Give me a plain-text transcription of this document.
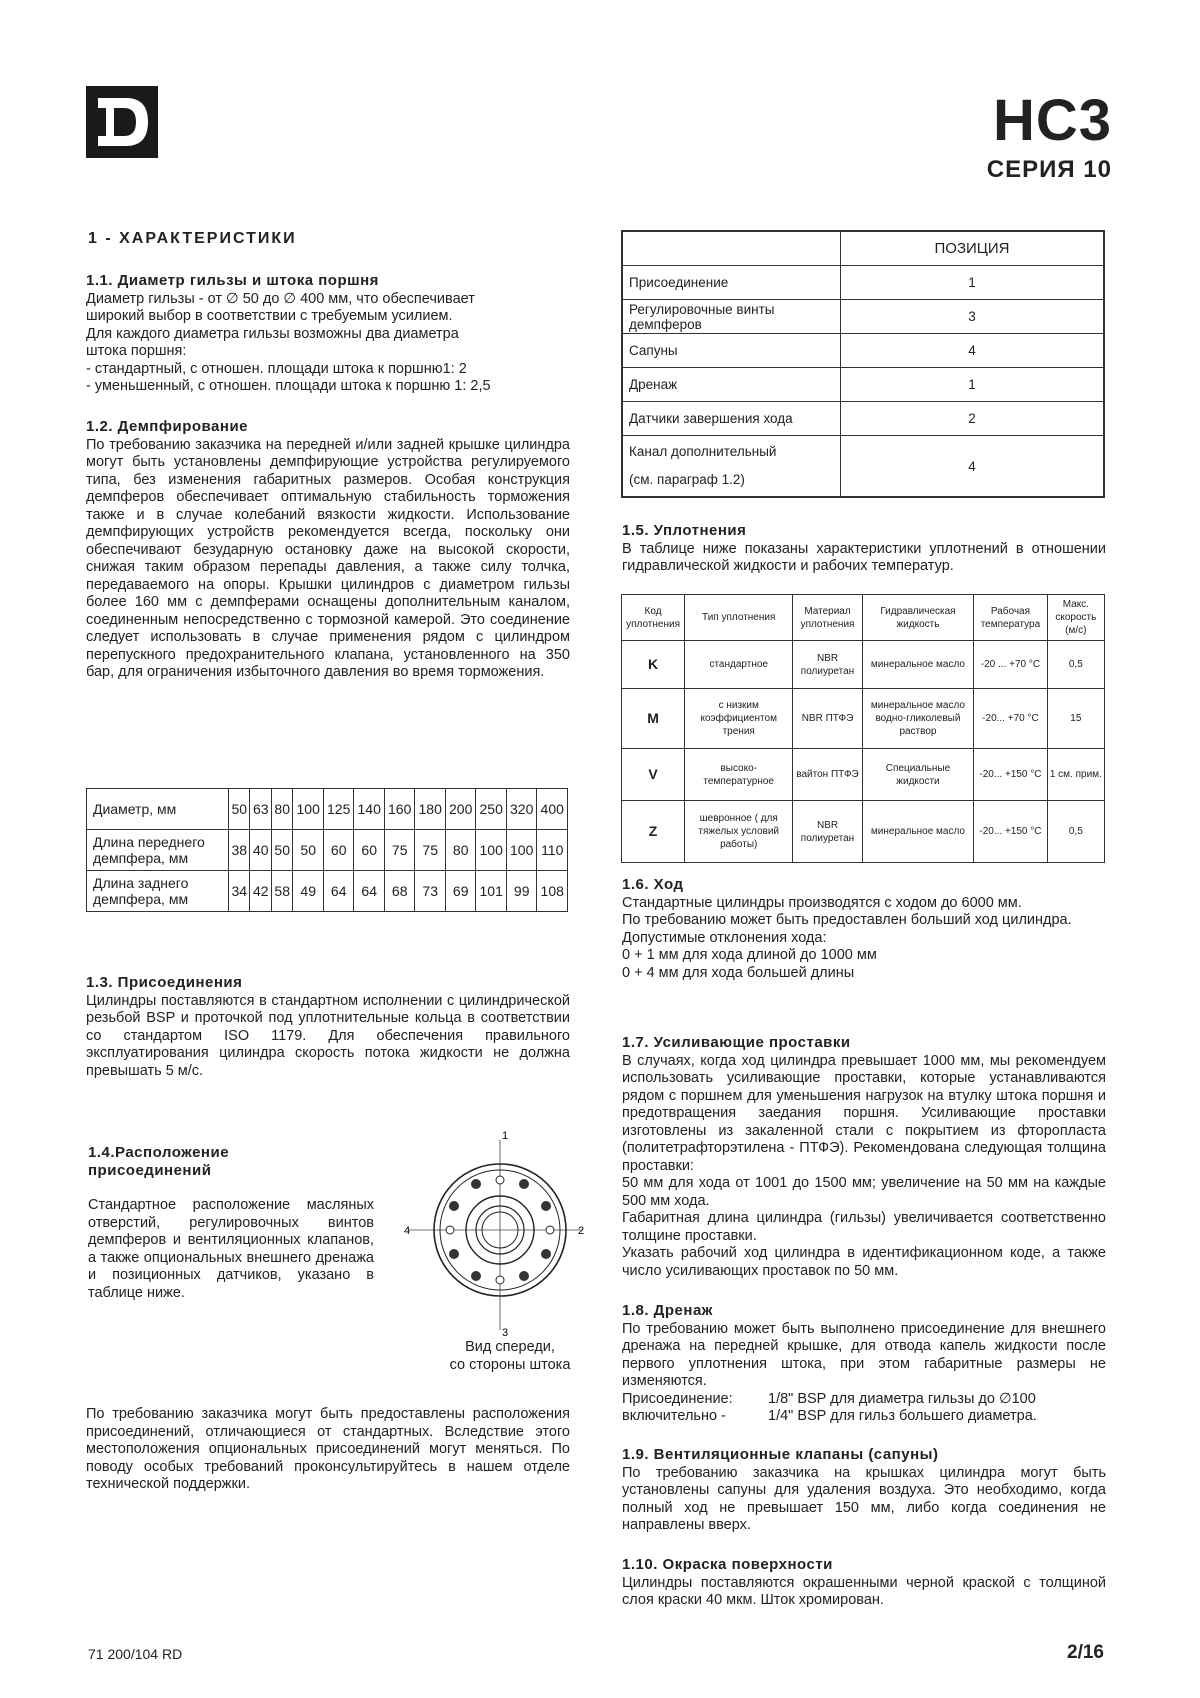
HC3
СЕРИЯ 10
1 - ХАРАКТЕРИСТИКИ
1.1. Диаметр гильзы и штока поршня

Диаметр гильзы - от ∅ 50 до ∅ 400 мм, что обеспечивает

широкий выбор в соответствии с требуемым усилием.

Для каждого диаметра гильзы возможны два диаметра

штока поршня:

- стандартный, с отношен. площади штока к поршню1: 2

- уменьшенный, с отношен. площади штока к поршню 1: 2,5

1.2. Демпфирование

По требованию заказчика на передней и/или задней крышке цилиндра могут быть установлены демпфирующие устройства регулируемого типа, без изменения габаритных размеров. Особая конструкция демпферов обеспечивает оптимальную стабильность торможения также и в случае колебаний вязкости жидкости. Использование демпфирующих устройств рекомендуется всегда, поскольку они обеспечивают безударную остановку даже на высокой скорости, снижая таким образом перепады давления, а также силу толчка, передаваемого на опоры. Крышки цилиндров с диаметром гильзы более 160 мм с демпферами оснащены дополнительным каналом, соединенным непосредственно с тормозной камерой. Это соединение следует использовать в случае применения рядом с цилиндром перепускного предохранительного клапана, установленного на 350 бар, для ограничения избыточного давления во время торможения.

Диаметр, мм	50	63	80	100	125	140	160	180	200	250	320	400
Длина переднего демпфера, мм	38	40	50	50	60	60	75	75	80	100	100	110
Длина заднего демпфера, мм	34	42	58	49	64	64	68	73	69	101	99	108
1.3. Присоединения

Цилиндры поставляются в стандартном исполнении с цилиндрической резьбой BSP и проточкой под уплотнительные кольца в соответствии со стандартом ISO 1179. Для обеспечения правильного эксплуатирования цилиндра скорость потока жидкости не должна превышать 5 м/с.

1.4.Расположение
присоединений

Стандартное расположение масляных отверстий, регулировочных винтов демпферов и вентиляционных клапанов, а также опциональных внешнего дренажа и позиционных датчиков, указано в таблице ниже.

1
2
3
4
Вид спереди,
со стороны штока

По требованию заказчика могут быть предоставлены расположения присоединений, отличающиеся от стандартных. Вследствие этого местоположения опциональных присоединений могут меняться. По поводу особых требований проконсультируйтесь в нашем отделе технической поддержки.

	ПОЗИЦИЯ
Присоединение	1
Регулировочные винты демпферов	3
Сапуны	4
Дренаж	1
Датчики завершения хода	2
Канал дополнительный
(см. параграф 1.2)	4
1.5. Уплотнения

В таблице ниже показаны характеристики уплотнений в отношении гидравлической жидкости и рабочих температур.

Код уплотнения	Тип уплотнения	Материал уплотнения	Гидравлическая жидкость	Рабочая температура	Макс. скорость (м/с)
K	стандартное	NBR полиуретан	минеральное масло	-20 ... +70 °C	0,5
M	с низким коэффициентом трения	NBR ПТФЭ	минеральное масло водно-гликолевый раствор	-20... +70 °C	15
V	высоко-температурное	вайтон ПТФЭ	Специальные жидкости	-20... +150 °C	1 см. прим.
Z	шевронное ( для тяжелых условий работы)	NBR полиуретан	минеральное масло	-20... +150 °C	0,5
1.6. Ход

Стандартные цилиндры производятся с ходом до 6000 мм.

По требованию может быть предоставлен больший ход цилиндра.

Допустимые отклонения хода:

0 + 1 мм для хода длиной до 1000 мм

0 + 4 мм для хода большей длины

1.7. Усиливающие проставки

В случаях, когда ход цилиндра превышает 1000 мм, мы рекомендуем использовать усиливающие проставки, которые устанавливаются рядом с поршнем для уменьшения нагрузок на втулку штока поршня и предотвращения заедания поршня. Усиливающие проставки изготовлены из закаленной стали с покрытием из фторопласта (политетрафторэтилена - ПТФЭ). Рекомендована следующая толщина проставки:

50 мм для хода от 1001 до 1500 мм; увеличение на 50 мм на каждые 500 мм хода.

Габаритная длина цилиндра (гильзы) увеличивается соответственно толщине проставки.

Указать рабочий ход цилиндра в идентификационном коде, а также число усиливающих проставок по 50 мм.

1.8. Дренаж

По требованию может быть выполнено присоединение для внешнего дренажа на передней крышке, для отвода капель жидкости после первого уплотнения штока, при этом габаритные размеры не изменяются.

Присоединение: 1/8" BSP для диаметра гильзы до ∅100

включительно -	1/4" BSP для гильз большего диаметра.

1.9. Вентиляционные клапаны (сапуны)

По требованию заказчика на крышках цилиндра могут быть установлены сапуны для удаления воздуха. Это необходимо, когда полный ход не превышает 150 мм, либо когда соединения не направлены вверх.

1.10. Окраска поверхности

Цилиндры поставляются окрашенными черной краской с толщиной слоя краски 40 мкм. Шток хромирован.

71 200/104 RD	2/16
